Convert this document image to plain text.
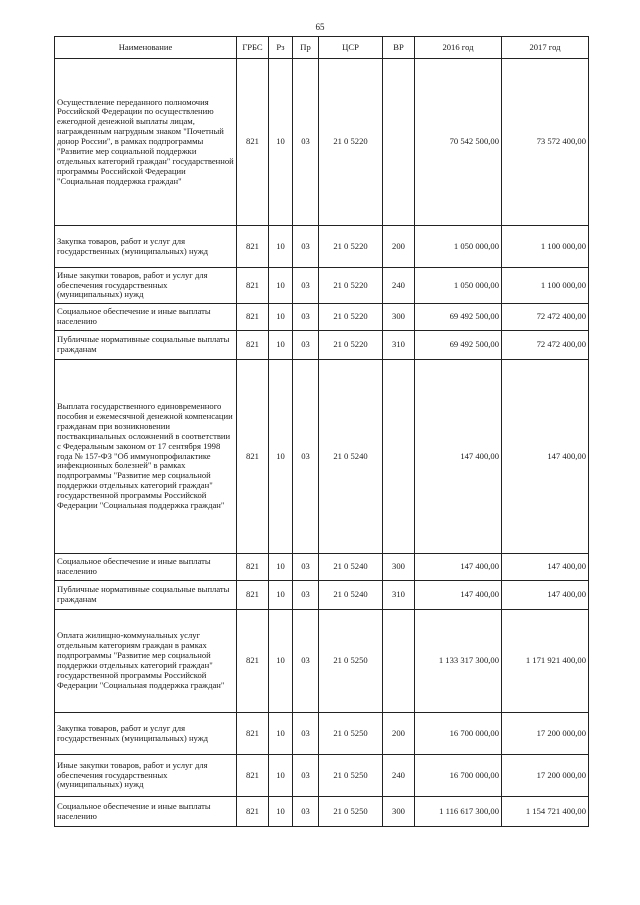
65
Наименование	ГРБС	Рз	Пр	ЦСР	ВР	2016 год	2017 год
Осуществление переданного полномочия Российской Федерации по осуществлению ежегодной денежной выплаты лицам, награжденным нагрудным знаком "Почетный донор России", в рамках подпрограммы "Развитие мер социальной поддержки отдельных категорий граждан" государственной программы Российской Федерации "Социальная поддержка граждан"	821	10	03	21 0 5220		70 542 500,00	73 572 400,00
Закупка товаров, работ и услуг для государственных (муниципальных) нужд	821	10	03	21 0 5220	200	1 050 000,00	1 100 000,00
Иные закупки товаров, работ и услуг для обеспечения государственных (муниципальных) нужд	821	10	03	21 0 5220	240	1 050 000,00	1 100 000,00
Социальное обеспечение и иные выплаты населению	821	10	03	21 0 5220	300	69 492 500,00	72 472 400,00
Публичные нормативные социальные выплаты гражданам	821	10	03	21 0 5220	310	69 492 500,00	72 472 400,00
Выплата государственного единовременного пособия и ежемесячной денежной компенсации гражданам при возникновении поствакцинальных осложнений в соответствии с Федеральным законом от 17 сентября 1998 года № 157-ФЗ "Об иммунопрофилактике инфекционных болезней" в рамках подпрограммы "Развитие мер социальной поддержки отдельных категорий граждан" государственной программы Российской Федерации "Социальная поддержка граждан"	821	10	03	21 0 5240		147 400,00	147 400,00
Социальное обеспечение и иные выплаты населению	821	10	03	21 0 5240	300	147 400,00	147 400,00
Публичные нормативные социальные выплаты гражданам	821	10	03	21 0 5240	310	147 400,00	147 400,00
Оплата жилищно-коммунальных услуг отдельным категориям граждан в рамках подпрограммы "Развитие мер социальной поддержки отдельных категорий граждан" государственной программы Российской Федерации "Социальная поддержка граждан"	821	10	03	21 0 5250		1 133 317 300,00	1 171 921 400,00
Закупка товаров, работ и услуг для государственных (муниципальных) нужд	821	10	03	21 0 5250	200	16 700 000,00	17 200 000,00
Иные закупки товаров, работ и услуг для обеспечения государственных (муниципальных) нужд	821	10	03	21 0 5250	240	16 700 000,00	17 200 000,00
Социальное обеспечение и иные выплаты населению	821	10	03	21 0 5250	300	1 116 617 300,00	1 154 721 400,00
